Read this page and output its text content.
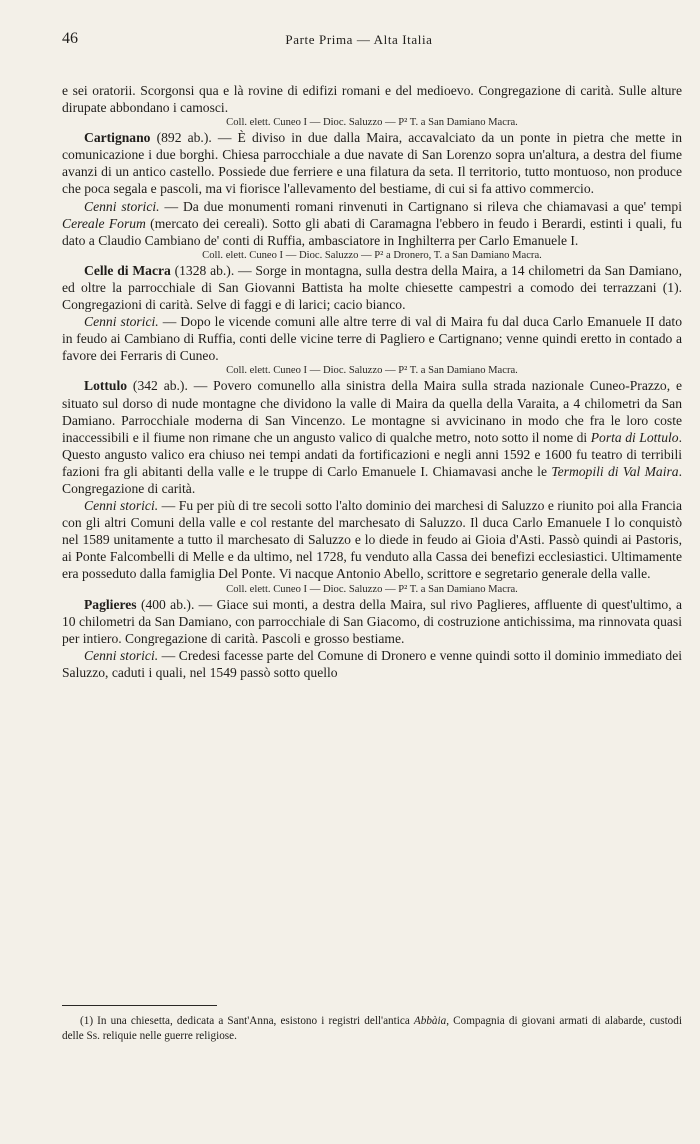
46	Parte Prima — Alta Italia

e sei oratorii. Scorgonsi qua e là rovine di edifizi romani e del medioevo. Congregazione di carità. Sulle alture dirupate abbondano i camosci.

Coll. elett. Cuneo I — Dioc. Saluzzo — P² T. a San Damiano Macra.

Cartignano (892 ab.). — È diviso in due dalla Maira, accavalciato da un ponte in pietra che mette in comunicazione i due borghi. Chiesa parrocchiale a due navate di San Lorenzo sopra un'altura, a destra del fiume avanzi di un antico castello. Possiede due ferriere e una filatura da seta. Il territorio, tutto montuoso, non produce che poca segala e pascoli, ma vi fiorisce l'allevamento del bestiame, di cui si fa attivo commercio.

Cenni storici. — Da due monumenti romani rinvenuti in Cartignano si rileva che chiamavasi a que' tempi Cereale Forum (mercato dei cereali). Sotto gli abati di Caramagna l'ebbero in feudo i Berardi, estinti i quali, fu dato a Claudio Cambiano de' conti di Ruffia, ambasciatore in Inghilterra per Carlo Emanuele I.

Coll. elett. Cuneo I — Dioc. Saluzzo — P² a Dronero, T. a San Damiano Macra.

Celle di Macra (1328 ab.). — Sorge in montagna, sulla destra della Maira, a 14 chilometri da San Damiano, ed oltre la parrocchiale di San Giovanni Battista ha molte chiesette campestri a comodo dei terrazzani (1). Congregazioni di carità. Selve di faggi e di larici; cacio bianco.

Cenni storici. — Dopo le vicende comuni alle altre terre di val di Maira fu dal duca Carlo Emanuele II dato in feudo ai Cambiano di Ruffia, conti delle vicine terre di Pagliero e Cartignano; venne quindi eretto in contado a favore dei Ferraris di Cuneo.

Coll. elett. Cuneo I — Dioc. Saluzzo — P² T. a San Damiano Macra.

Lottulo (342 ab.). — Povero comunello alla sinistra della Maira sulla strada nazionale Cuneo-Prazzo, e situato sul dorso di nude montagne che dividono la valle di Maira da quella della Varaita, a 4 chilometri da San Damiano. Parrocchiale moderna di San Vincenzo. Le montagne si avvicinano in modo che fra le loro coste inaccessibili e il fiume non rimane che un angusto valico di qualche metro, noto sotto il nome di Porta di Lottulo. Questo angusto valico era chiuso nei tempi andati da fortificazioni e negli anni 1592 e 1600 fu teatro di terribili fazioni fra gli abitanti della valle e le truppe di Carlo Emanuele I. Chiamavasi anche le Termopili di Val Maira. Congregazione di carità.

Cenni storici. — Fu per più di tre secoli sotto l'alto dominio dei marchesi di Saluzzo e riunito poi alla Francia con gli altri Comuni della valle e col restante del marchesato di Saluzzo. Il duca Carlo Emanuele I lo conquistò nel 1589 unitamente a tutto il marchesato di Saluzzo e lo diede in feudo ai Gioia d'Asti. Passò quindi ai Pastoris, ai Ponte Falcombelli di Melle e da ultimo, nel 1728, fu venduto alla Cassa dei benefizi ecclesiastici. Ultimamente era posseduto dalla famiglia Del Ponte. Vi nacque Antonio Abello, scrittore e segretario generale della valle.

Coll. elett. Cuneo I — Dioc. Saluzzo — P² T. a San Damiano Macra.

Paglieres (400 ab.). — Giace sui monti, a destra della Maira, sul rivo Paglieres, affluente di quest'ultimo, a 10 chilometri da San Damiano, con parrocchiale di San Giacomo, di costruzione antichissima, ma rinnovata quasi per intiero. Congregazione di carità. Pascoli e grosso bestiame.

Cenni storici. — Credesi facesse parte del Comune di Dronero e venne quindi sotto il dominio immediato dei Saluzzo, caduti i quali, nel 1549 passò sotto quello

(1) In una chiesetta, dedicata a Sant'Anna, esistono i registri dell'antica Abbàia, Compagnia di giovani armati di alabarde, custodi delle Ss. reliquie nelle guerre religiose.
